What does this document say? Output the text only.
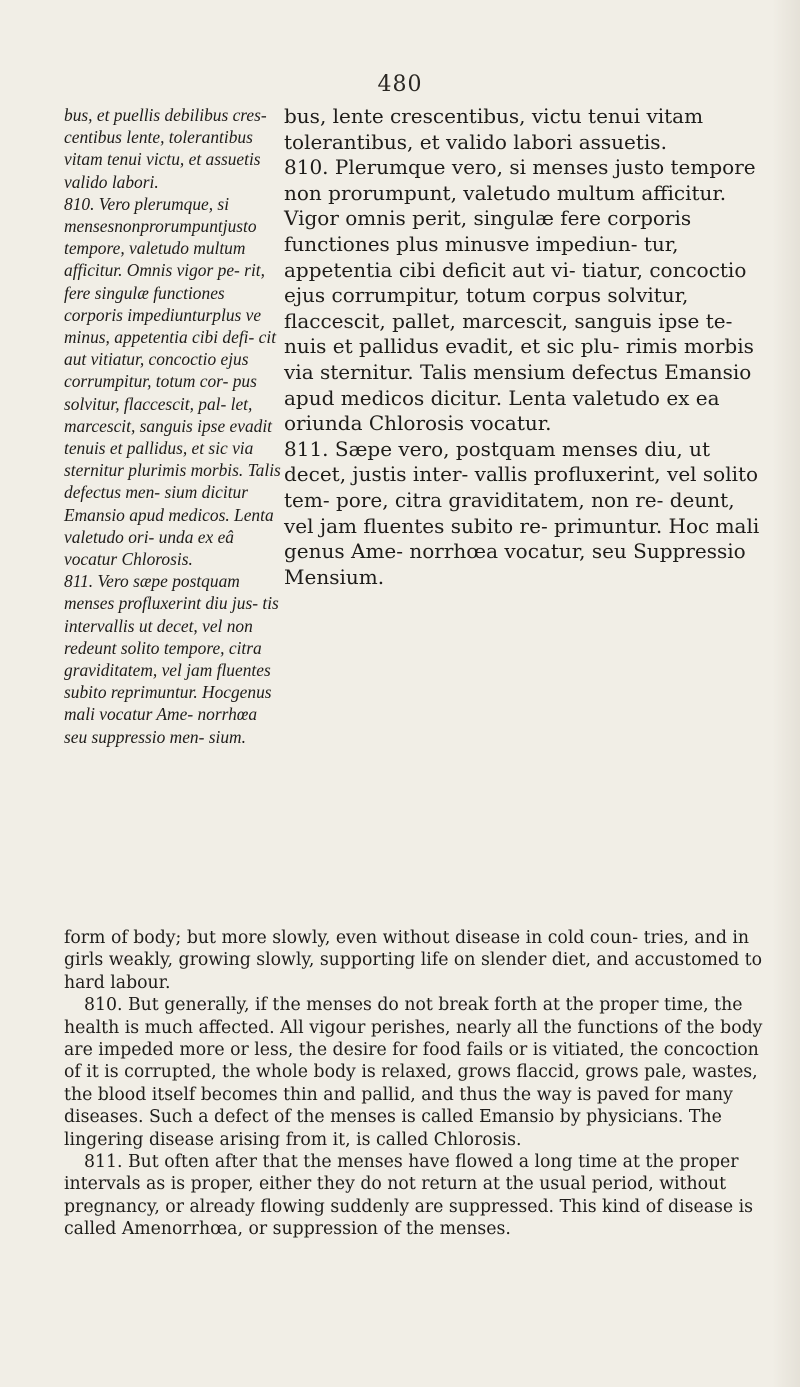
480

bus, et puellis debilibus cres- centibus lente, tolerantibus vitam tenui victu, et assuetis valido labori.

810. Vero plerumque, si mensesnonprorumpuntjusto tempore, valetudo multum afficitur. Omnis vigor pe- rit, fere singulæ functiones corporis impediunturplus ve minus, appetentia cibi defi- cit aut vitiatur, concoctio ejus corrumpitur, totum cor- pus solvitur, flaccescit, pal- let, marcescit, sanguis ipse evadit tenuis et pallidus, et sic via sternitur plurimis morbis. Talis defectus men- sium dicitur Emansio apud medicos. Lenta valetudo ori- unda ex eâ vocatur Chlorosis.

811. Vero sæpe postquam menses profluxerint diu jus- tis intervallis ut decet, vel non redeunt solito tempore, citra graviditatem, vel jam fluentes subito reprimuntur. Hocgenus mali vocatur Ame- norrhœa seu suppressio men- sium.

bus, lente crescentibus, victu tenui vitam tolerantibus, et valido labori assuetis.

810. Plerumque vero, si menses justo tempore non prorumpunt, valetudo multum afficitur. Vigor omnis perit, singulæ fere corporis functiones plus minusve impediun- tur, appetentia cibi deficit aut vi- tiatur, concoctio ejus corrumpitur, totum corpus solvitur, flaccescit, pallet, marcescit, sanguis ipse te- nuis et pallidus evadit, et sic plu- rimis morbis via sternitur. Talis mensium defectus Emansio apud medicos dicitur. Lenta valetudo ex ea oriunda Chlorosis vocatur.

811. Sæpe vero, postquam menses diu, ut decet, justis inter- vallis profluxerint, vel solito tem- pore, citra graviditatem, non re- deunt, vel jam fluentes subito re- primuntur. Hoc mali genus Ame- norrhœa vocatur, seu Suppressio Mensium.

form of body; but more slowly, even without disease in cold coun- tries, and in girls weakly, growing slowly, supporting life on slender diet, and accustomed to hard labour.

810. But generally, if the menses do not break forth at the proper time, the health is much affected. All vigour perishes, nearly all the functions of the body are impeded more or less, the desire for food fails or is vitiated, the concoction of it is corrupted, the whole body is relaxed, grows flaccid, grows pale, wastes, the blood itself becomes thin and pallid, and thus the way is paved for many diseases. Such a defect of the menses is called Emansio by physicians. The lingering disease arising from it, is called Chlorosis.

811. But often after that the menses have flowed a long time at the proper intervals as is proper, either they do not return at the usual period, without pregnancy, or already flowing suddenly are suppressed. This kind of disease is called Amenorrhœa, or suppression of the menses.
